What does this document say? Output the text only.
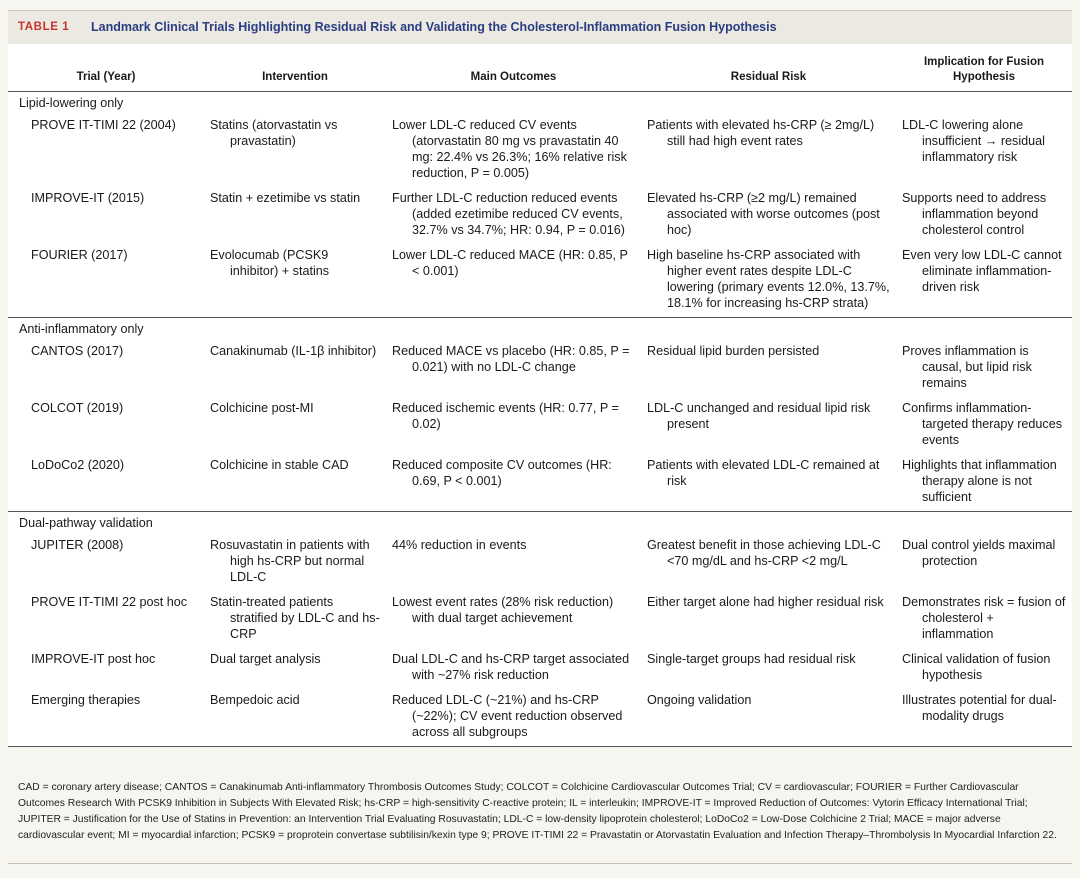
TABLE 1 Landmark Clinical Trials Highlighting Residual Risk and Validating the Cholesterol-Inflammation Fusion Hypothesis
Trial (Year)	Intervention	Main Outcomes	Residual Risk	Implication for Fusion Hypothesis
Lipid-lowering only				

PROVE IT-TIMI 22 (2004)	Statins (atorvastatin vs pravastatin)	Lower LDL-C reduced CV events (atorvastatin 80 mg vs pravastatin 40 mg: 22.4% vs 26.3%; 16% relative risk reduction, P = 0.005)	Patients with elevated hs-CRP (≥ 2mg/L) still had high event rates	LDL-C lowering alone insufficient → residual inflammatory risk

IMPROVE-IT (2015)	Statin + ezetimibe vs statin	Further LDL-C reduction reduced events (added ezetimibe reduced CV events, 32.7% vs 34.7%; HR: 0.94, P = 0.016)	Elevated hs-CRP (≥2 mg/L) remained associated with worse outcomes (post hoc)	Supports need to address inflammation beyond cholesterol control

FOURIER (2017)	Evolocumab (PCSK9 inhibitor) + statins	Lower LDL-C reduced MACE (HR: 0.85, P < 0.001)	High baseline hs-CRP associated with higher event rates despite LDL-C lowering (primary events 12.0%, 13.7%, 18.1% for increasing hs-CRP strata)	Even very low LDL-C cannot eliminate inflammation-driven risk

Anti-inflammatory only				

CANTOS (2017)	Canakinumab (IL-1β inhibitor)	Reduced MACE vs placebo (HR: 0.85, P = 0.021) with no LDL-C change	Residual lipid burden persisted	Proves inflammation is causal, but lipid risk remains

COLCOT (2019)	Colchicine post-MI	Reduced ischemic events (HR: 0.77, P = 0.02)	LDL-C unchanged and residual lipid risk present	Confirms inflammation-targeted therapy reduces events

LoDoCo2 (2020)	Colchicine in stable CAD	Reduced composite CV outcomes (HR: 0.69, P < 0.001)	Patients with elevated LDL-C remained at risk	Highlights that inflammation therapy alone is not sufficient

Dual-pathway validation				

JUPITER (2008)	Rosuvastatin in patients with high hs-CRP but normal LDL-C	44% reduction in events	Greatest benefit in those achieving LDL-C <70 mg/dL and hs-CRP <2 mg/L	Dual control yields maximal protection

PROVE IT-TIMI 22 post hoc	Statin-treated patients stratified by LDL-C and hs-CRP	Lowest event rates (28% risk reduction) with dual target achievement	Either target alone had higher residual risk	Demonstrates risk = fusion of cholesterol + inflammation

IMPROVE-IT post hoc	Dual target analysis	Dual LDL-C and hs-CRP target associated with ~27% risk reduction	Single-target groups had residual risk	Clinical validation of fusion hypothesis

Emerging therapies	Bempedoic acid	Reduced LDL-C (~21%) and hs-CRP (~22%); CV event reduction observed across all subgroups	Ongoing validation	Illustrates potential for dual-modality drugs

CAD = coronary artery disease; CANTOS = Canakinumab Anti-inflammatory Thrombosis Outcomes Study; COLCOT = Colchicine Cardiovascular Outcomes Trial; CV = cardiovascular; FOURIER = Further Cardiovascular Outcomes Research With PCSK9 Inhibition in Subjects With Elevated Risk; hs-CRP = high-sensitivity C-reactive protein; IL = interleukin; IMPROVE-IT = Improved Reduction of Outcomes: Vytorin Efficacy International Trial; JUPITER = Justification for the Use of Statins in Prevention: an Intervention Trial Evaluating Rosuvastatin; LDL-C = low-density lipoprotein cholesterol; LoDoCo2 = Low-Dose Colchicine 2 Trial; MACE = major adverse cardiovascular event; MI = myocardial infarction; PCSK9 = proprotein convertase subtilisin/kexin type 9; PROVE IT-TIMI 22 = Pravastatin or Atorvastatin Evaluation and Infection Therapy–Thrombolysis In Myocardial Infarction 22.
